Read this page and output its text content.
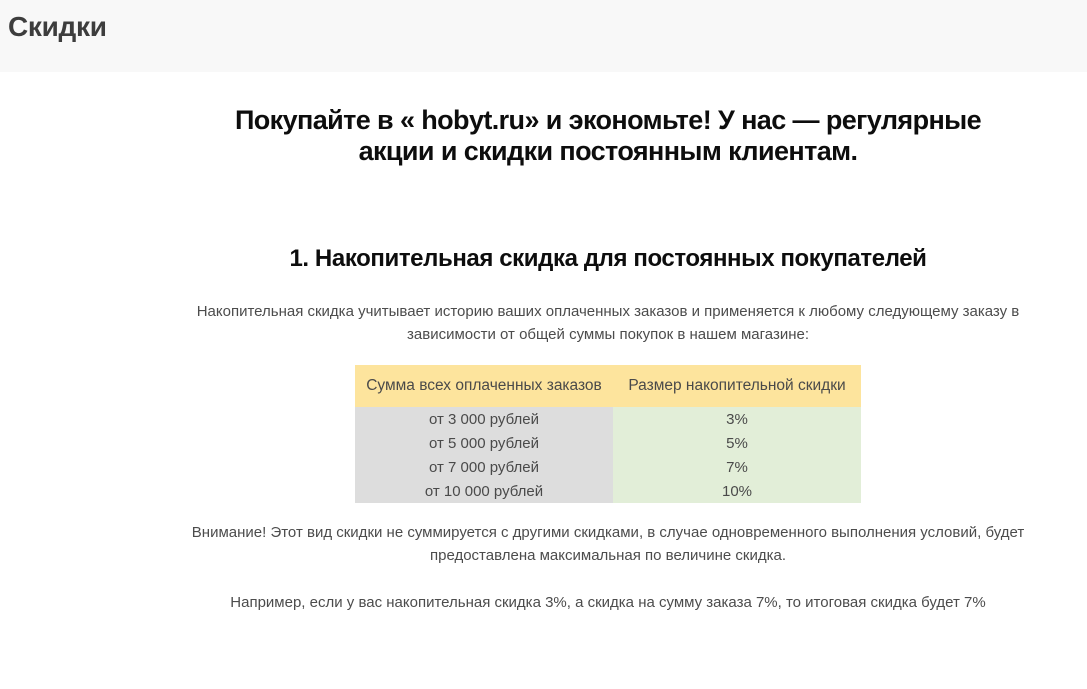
Скидки
Покупайте в « hobyt.ru» и экономьте! У нас — регулярные акции и скидки постоянным клиентам.
1. Накопительная скидка для постоянных покупателей

Накопительная скидка учитывает историю ваших оплаченных заказов и применяется к любому следующему заказу в зависимости от общей суммы покупок в нашем магазине:

Сумма всех оплаченных заказов	Размер накопительной скидки
от 3 000 рублей	3%
от 5 000 рублей	5%
от 7 000 рублей	7%
от 10 000 рублей	10%

Внимание! Этот вид скидки не суммируется с другими скидками, в случае одновременного выполнения условий, будет предоставлена максимальная по величине скидка.

Например, если у вас накопительная скидка 3%, а скидка на сумму заказа 7%, то итоговая скидка будет 7%
